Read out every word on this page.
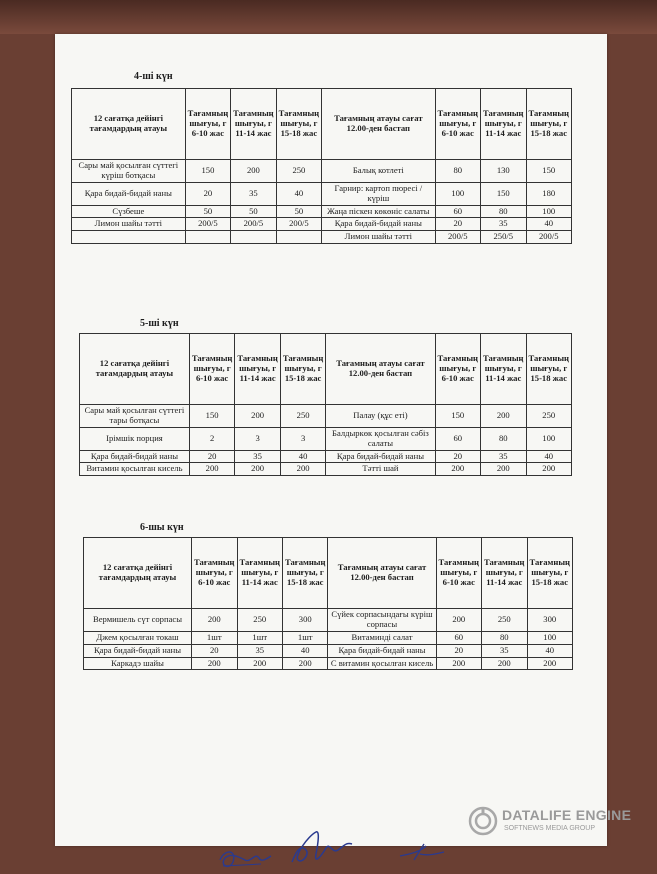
4-ші күн
12 сағатқа дейінгі тағамдардың атауы	Тағамның шығуы, г 6-10 жас	Тағамның шығуы, г 11-14 жас	Тағамның шығуы, г 15-18 жас	Тағамның атауы сағат 12.00-ден бастап	Тағамның шығуы, г 6-10 жас	Тағамның шығуы, г 11-14 жас	Тағамның шығуы, г 15-18 жас
Сары май қосылған сүттегі күріш ботқасы	150	200	250	Балық котлеті	80	130	150
Қара бидай-бидай наны	20	35	40	Гарнир: картоп пюресі / күріш	100	150	180
Сүзбеше	50	50	50	Жаңа піскен көкөніс салаты	60	80	100
Лимон шайы тәтті	200/5	200/5	200/5	Қара бидай-бидай наны	20	35	40
				Лимон шайы тәтті	200/5	250/5	200/5
5-ші күн
12 сағатқа дейінгі тағамдардың атауы	Тағамның шығуы, г 6-10 жас	Тағамның шығуы, г 11-14 жас	Тағамның шығуы, г 15-18 жас	Тағамның атауы сағат 12.00-ден бастап	Тағамның шығуы, г 6-10 жас	Тағамның шығуы, г 11-14 жас	Тағамның шығуы, г 15-18 жас
Сары май қосылған сүттегі тары ботқасы	150	200	250	Палау (құс еті)	150	200	250
Ірімшік порция	2	3	3	Балдыркөк қосылған сәбіз салаты	60	80	100
Қара бидай-бидай наны	20	35	40	Қара бидай-бидай наны	20	35	40
Витамин қосылған кисель	200	200	200	Тәтті шай	200	200	200
6-шы күн
12 сағатқа дейінгі тағамдардың атауы	Тағамның шығуы, г 6-10 жас	Тағамның шығуы, г 11-14 жас	Тағамның шығуы, г 15-18 жас	Тағамның атауы сағат 12.00-ден бастап	Тағамның шығуы, г 6-10 жас	Тағамның шығуы, г 11-14 жас	Тағамның шығуы, г 15-18 жас
Вермишель сүт сорпасы	200	250	300	Сүйек сорпасындағы күріш сорпасы	200	250	300
Джем қосылған токаш	1шт	1шт	1шт	Витаминді салат	60	80	100
Қара бидай-бидай наны	20	35	40	Қара бидай-бидай наны	20	35	40
Каркадэ шайы	200	200	200	С витамин қосылған кисель	200	200	200
DATALIFE ENGINE
SOFTNEWS MEDIA GROUP
